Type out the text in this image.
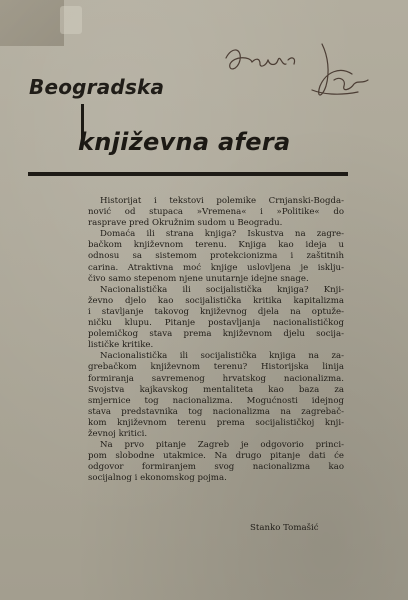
Beogradska
književna afera
Historijat i tekstovi polemike Crnjanski-Bogda-
nović od stupaca »Vremena« i »Politike« do
rasprave pred Okružnim sudom u Beogradu.
Domaća ili strana knjiga? Iskustva na zagre-
bačkom književnom terenu. Knjiga kao ideja u
odnosu sa sistemom protekcionizma i zaštitnih
carina. Atraktivna moć knjige uslovljena je isklju-
čivo samo stepenom njene unutarnje idejne snage.
Nacionalistička ili socijalistička knjiga? Knji-
ževno djelo kao socijalistička kritika kapitalizma
i stavljanje takovog književnog djela na optuže-
ničku klupu. Pitanje postavljanja nacionalističkog
polemičkog stava prema književnom djelu socija-
lističke kritike.
Nacionalistička ili socijalistička knjiga na za-
grebačkom književnom terenu? Historijska linija
formiranja savremenog hrvatskog nacionalizma.
Svojstva kajkavskog mentaliteta kao baza za
smjernice tog nacionalizma. Mogućnosti idejnog
stava predstavnika tog nacionalizma na zagrebač-
kom književnom terenu prema socijalističkoj knji-
ževnoj kritici.
Na prvo pitanje Zagreb je odgovorio princi-
pom slobodne utakmice. Na drugo pitanje dati će
odgovor formiranjem svog nacionalizma kao
socijalnog i ekonomskog pojma.
Stanko Tomašić
